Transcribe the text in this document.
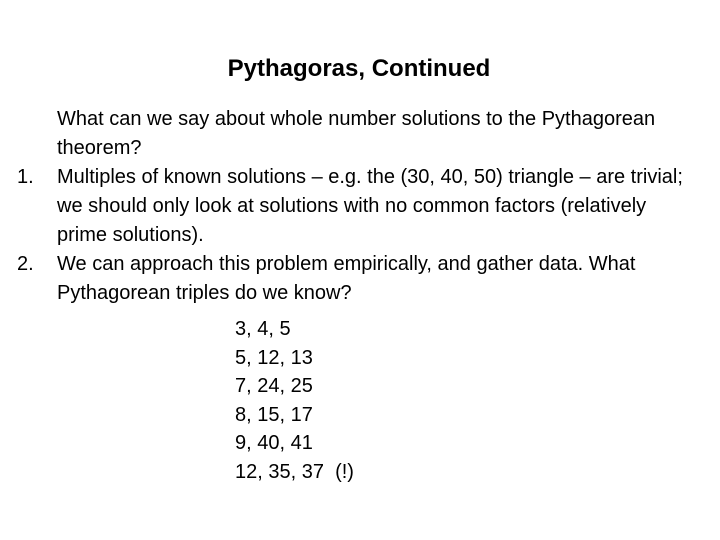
Pythagoras, Continued
What can we say about whole number solutions to the Pythagorean theorem?
1.	Multiples of known solutions – e.g. the (30, 40, 50) triangle – are trivial; we should only look at solutions with no common factors (relatively prime solutions).
2.	We can approach this problem empirically, and gather data. What Pythagorean triples do we know?
3, 4, 5
5, 12, 13
7, 24, 25
8, 15, 17
9, 40, 41
12, 35, 37  (!)
